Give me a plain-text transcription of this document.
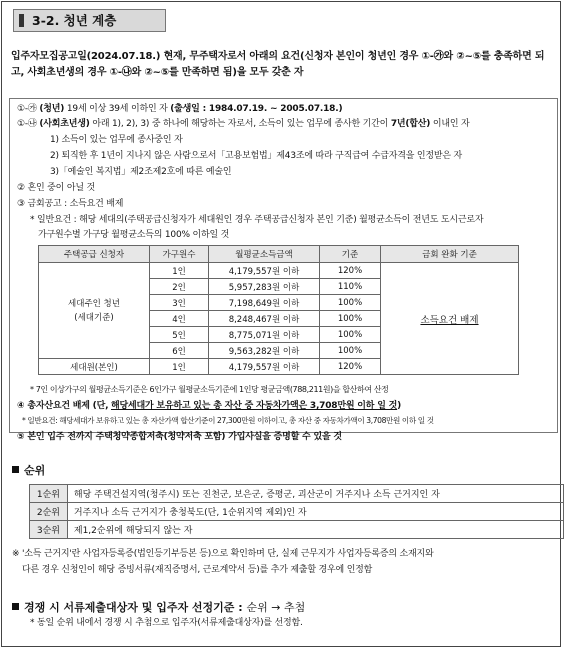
3-2. 청년 계층
입주자모집공고일(2024.07.18.) 현재, 무주택자로서 아래의 요건(신청자 본인이 청년인 경우 ①-㉮와 ②~⑤를 충족하면 되고, 사회초년생의 경우 ①-㉯와 ②~⑤를 만족하면 됨)을 모두 갖춘 자
①-㉮ (청년) 19세 이상 39세 이하인 자 (출생일 : 1984.07.19. ~ 2005.07.18.)
①-㉯ (사회초년생) 아래 1), 2), 3) 중 하나에 해당하는 자로서, 소득이 있는 업무에 종사한 기간이 7년(합산) 이내인 자
1) 소득이 있는 업무에 종사중인 자
2) 퇴직한 후 1년이 지나지 않은 사람으로서「고용보험법」제43조에 따라 구직급여 수급자격을 인정받은 자
3)「예술인 복지법」제2조제2호에 따른 예술인
② 혼인 중이 아닐 것
③ 금회공고 : 소득요건 배제
* 일반요건 : 해당 세대의(주택공급신청자가 세대원인 경우 주택공급신청자 본인 기준) 월평균소득이 전년도 도시근로자
가구원수별 가구당 월평균소득의 100% 이하일 것
주택공급 신청자	가구원수	월평균소득금액	기준	금회 완화 기준
세대주인 청년
(세대기준)	1인	4,179,557원 이하	120%	소득요건 배제
	2인	5,957,283원 이하	110%	
	3인	7,198,649원 이하	100%	
	4인	8,248,467원 이하	100%	
	5인	8,775,071원 이하	100%	
	6인	9,563,282원 이하	100%	
세대원(본인)	1인	4,179,557원 이하	120%	
* 7인 이상가구의 월평균소득기준은 6인가구 월평균소득기준에 1인당 평균금액(788,211원)을 합산하여 산정
④ 총자산요건 배제 (단, 해당세대가 보유하고 있는 총 자산 중 자동차가액은 3,708만원 이하 일 것)
* 일반요건: 해당세대가 보유하고 있는 총 자산가액 합산기준이 27,300만원 이하이고, 총 자산 중 자동차가액이 3,708만원 이하 일 것
⑤ 본인 입주 전까지 주택청약종합저축(청약저축 포함) 가입사실을 증명할 수 있을 것
순위
1순위	해당 주택건설지역(청주시) 또는 진천군, 보은군, 증평군, 괴산군이 거주지나 소득 근거지인 자
2순위	거주지나 소득 근거지가 충청북도(단, 1순위지역 제외)인 자
3순위	제1,2순위에 해당되지 않는 자
※ '소득 근거지'란 사업자등록증(법인등기부등본 등)으로 확인하며 단, 실제 근무지가 사업자등록증의 소재지와
다른 경우 신청인이 해당 증빙서류(재직증명서, 근로계약서 등)를 추가 제출할 경우에 인정함
경쟁 시 서류제출대상자 및 입주자 선정기준 : 순위 → 추첨
* 동일 순위 내에서 경쟁 시 추첨으로 입주자(서류제출대상자)를 선정함.
